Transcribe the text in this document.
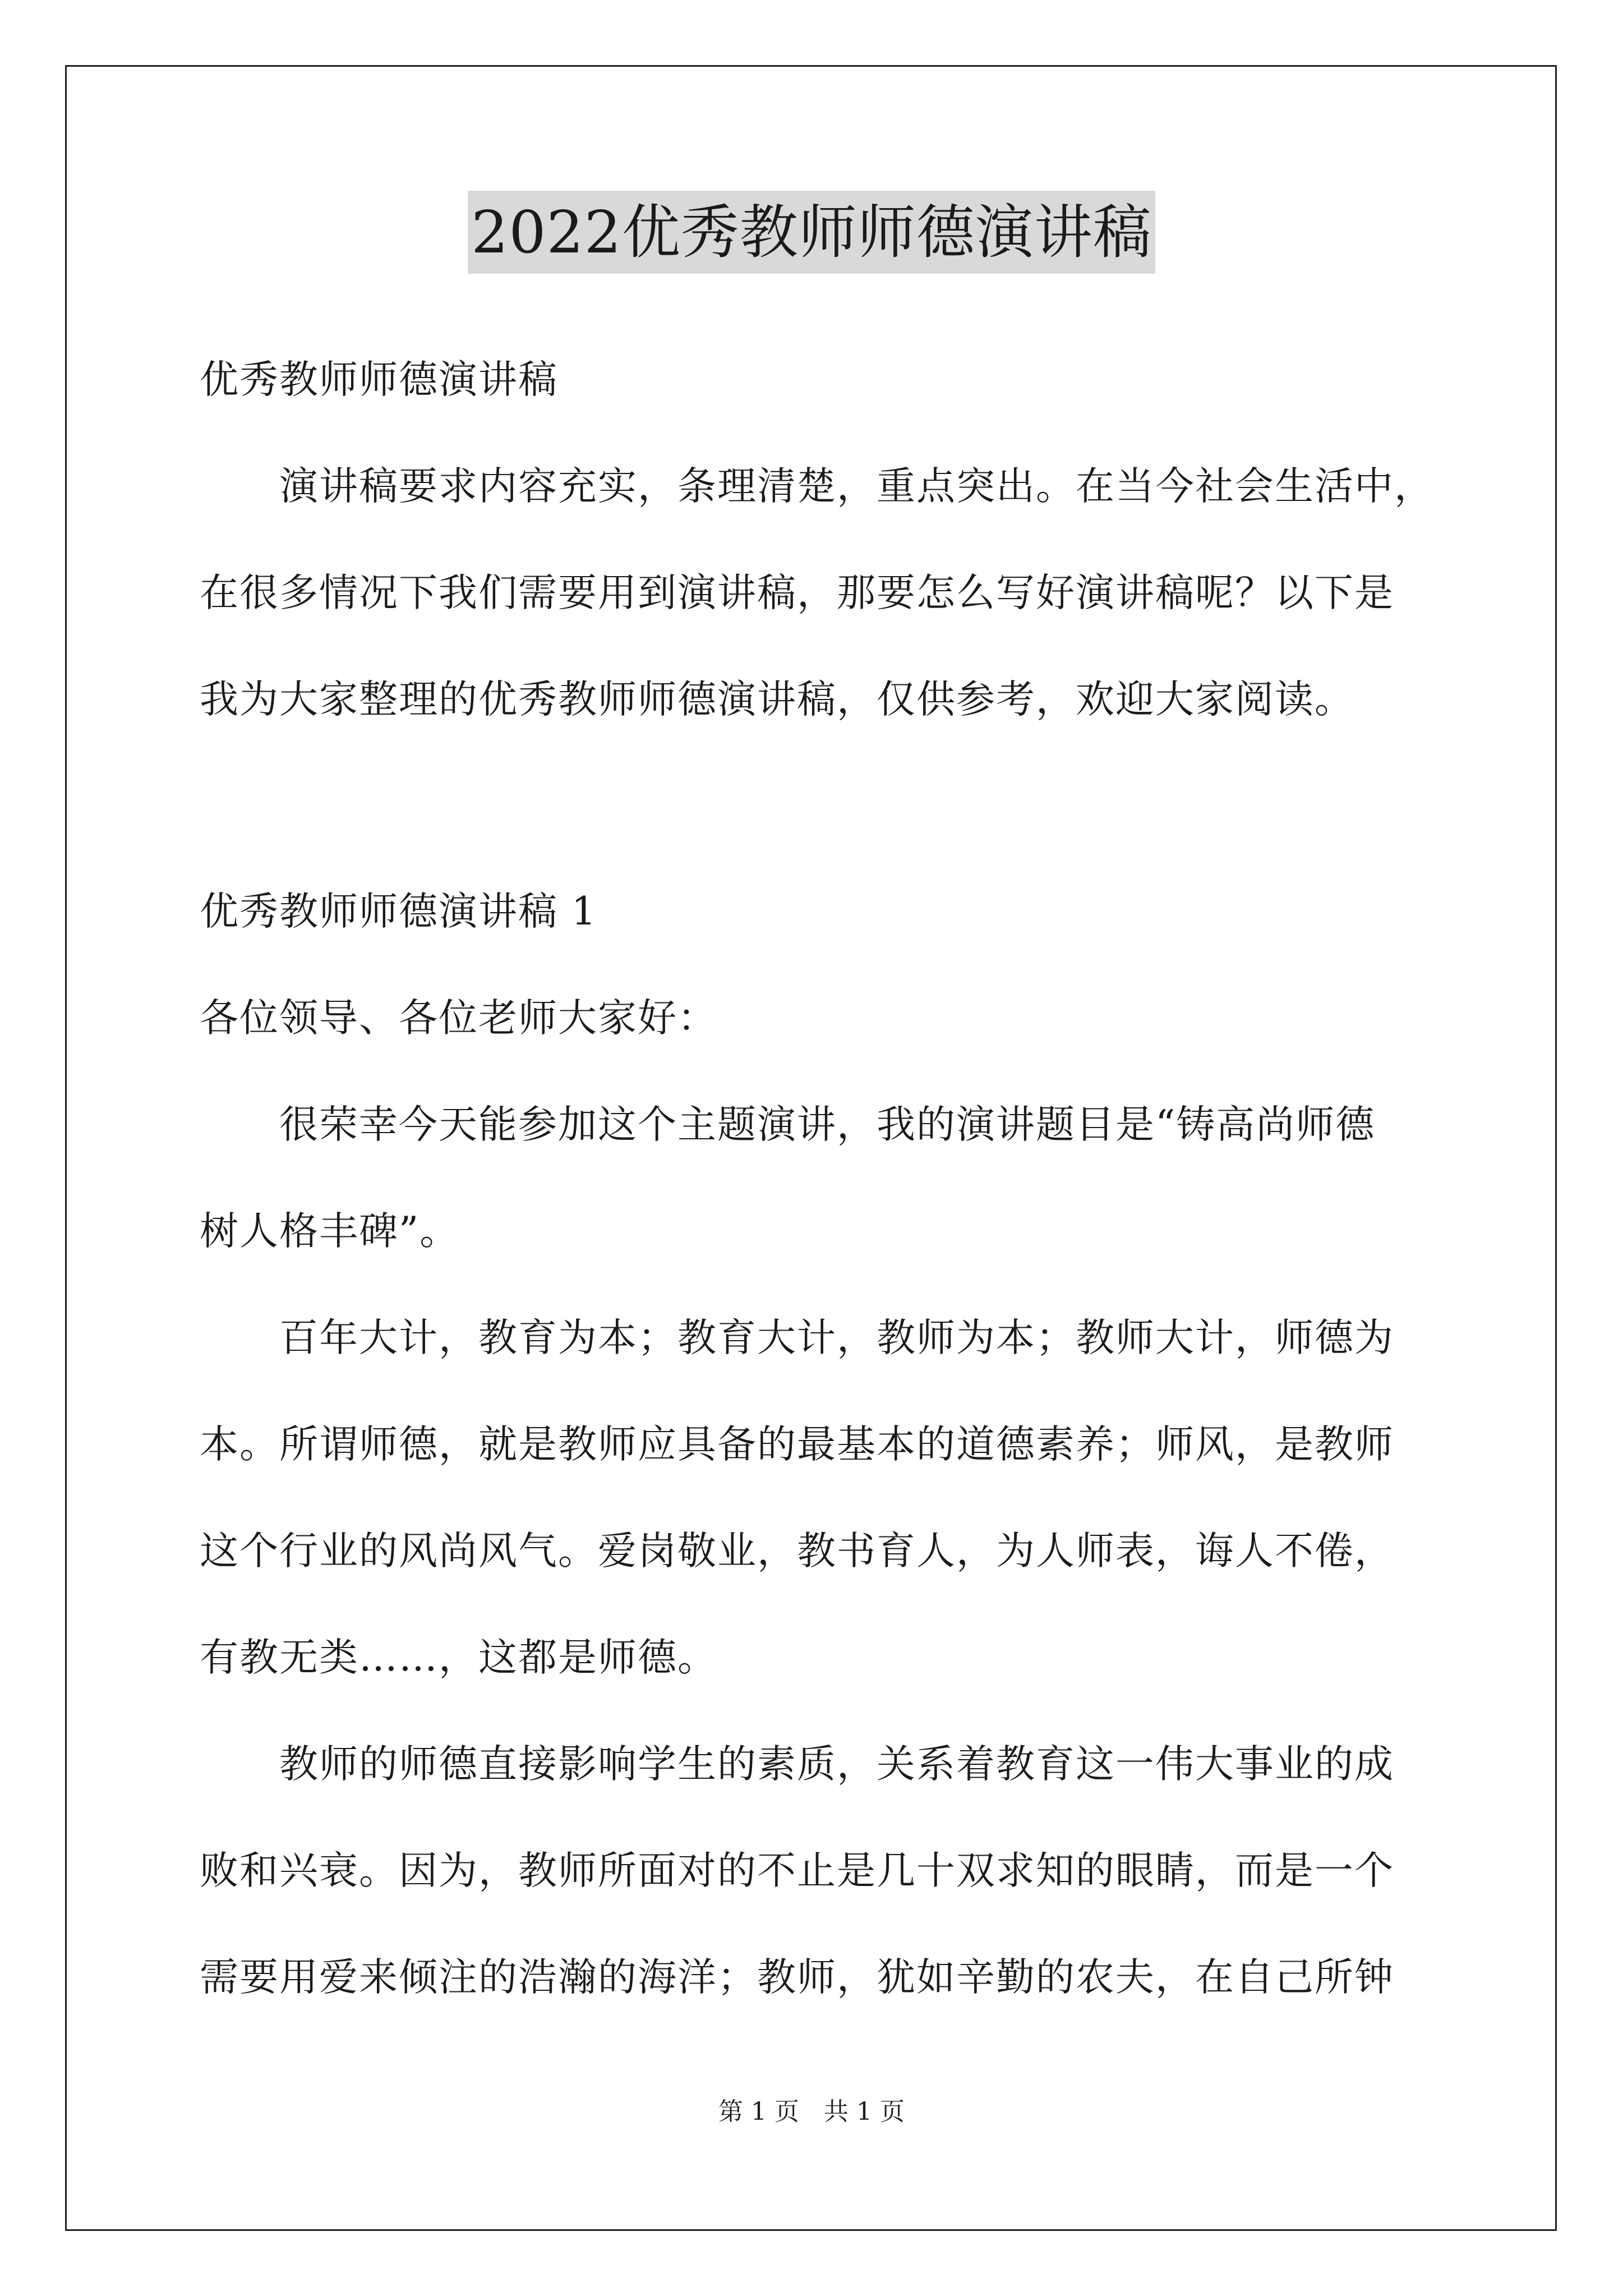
2022优秀教师师德演讲稿
优秀教师师德演讲稿
　　演讲稿要求内容充实，条理清楚，重点突出。在当今社会生活中，
在很多情况下我们需要用到演讲稿，那要怎么写好演讲稿呢？以下是
我为大家整理的优秀教师师德演讲稿，仅供参考，欢迎大家阅读。
优秀教师师德演讲稿 1
各位领导、各位老师大家好：
　　很荣幸今天能参加这个主题演讲，我的演讲题目是“铸高尚师德
树人格丰碑”。
　　百年大计，教育为本；教育大计，教师为本；教师大计，师德为
本。所谓师德，就是教师应具备的最基本的道德素养；师风，是教师
这个行业的风尚风气。爱岗敬业，教书育人，为人师表，诲人不倦，
有教无类……，这都是师德。
　　教师的师德直接影响学生的素质，关系着教育这一伟大事业的成
败和兴衰。因为，教师所面对的不止是几十双求知的眼睛，而是一个
需要用爱来倾注的浩瀚的海洋；教师，犹如辛勤的农夫，在自己所钟
第 1 页　共 1 页
